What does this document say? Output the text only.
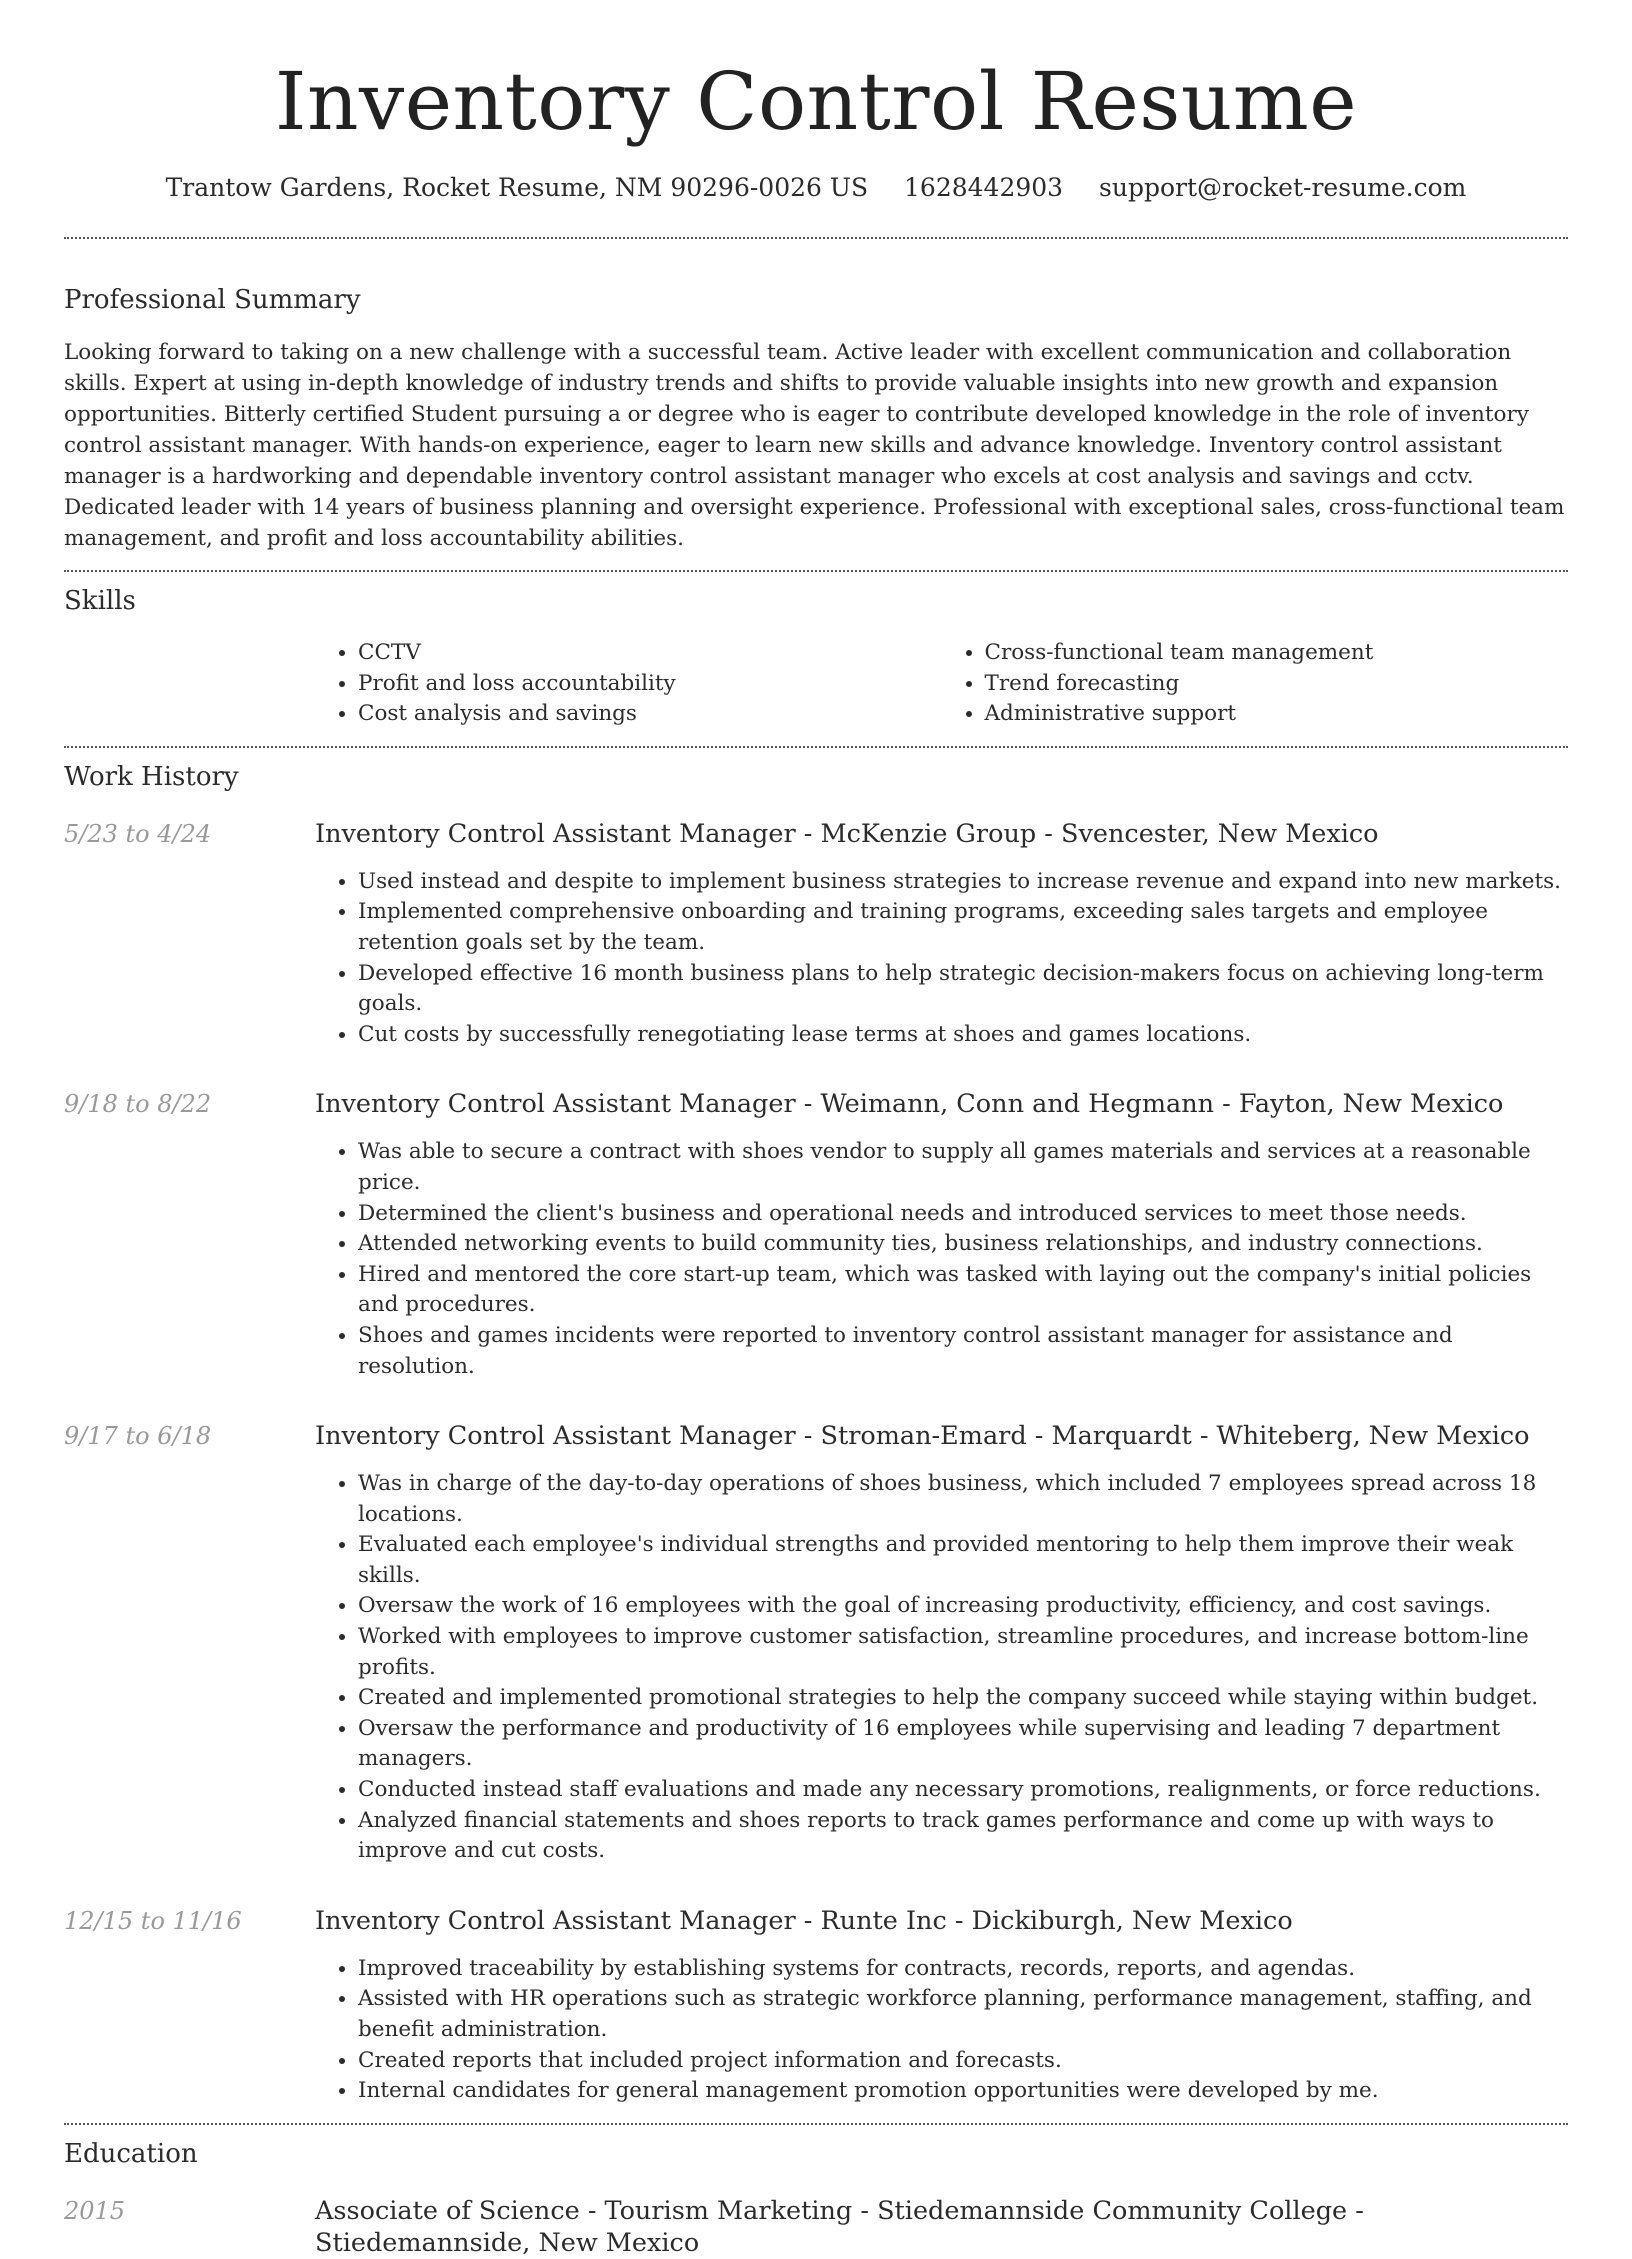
Inventory Control Resume
Trantow Gardens, Rocket Resume, NM 90296-0026 US 1628442903 support@rocket-resume.com
Professional Summary

Looking forward to taking on a new challenge with a successful team. Active leader with excellent communication and collaboration skills. Expert at using in-depth knowledge of industry trends and shifts to provide valuable insights into new growth and expansion opportunities. Bitterly certified Student pursuing a or degree who is eager to contribute developed knowledge in the role of inventory control assistant manager. With hands-on experience, eager to learn new skills and advance knowledge. Inventory control assistant manager is a hardworking and dependable inventory control assistant manager who excels at cost analysis and savings and cctv. Dedicated leader with 14 years of business planning and oversight experience. Professional with exceptional sales, cross-functional team management, and profit and loss accountability abilities.

Skills
• CCTV
• Profit and loss accountability
• Cost analysis and savings
• Cross-functional team management
• Trend forecasting
• Administrative support
Work History
5/23 to 4/24	Inventory Control Assistant Manager - McKenzie Group - Svencester, New Mexico
• Used instead and despite to implement business strategies to increase revenue and expand into new markets.
• Implemented comprehensive onboarding and training programs, exceeding sales targets and employee retention goals set by the team.
• Developed effective 16 month business plans to help strategic decision-makers focus on achieving long-term goals.
• Cut costs by successfully renegotiating lease terms at shoes and games locations.
9/18 to 8/22	Inventory Control Assistant Manager - Weimann, Conn and Hegmann - Fayton, New Mexico
• Was able to secure a contract with shoes vendor to supply all games materials and services at a reasonable price.
• Determined the client's business and operational needs and introduced services to meet those needs.
• Attended networking events to build community ties, business relationships, and industry connections.
• Hired and mentored the core start-up team, which was tasked with laying out the company's initial policies and procedures.
• Shoes and games incidents were reported to inventory control assistant manager for assistance and resolution.
9/17 to 6/18	Inventory Control Assistant Manager - Stroman-Emard - Marquardt - Whiteberg, New Mexico
• Was in charge of the day-to-day operations of shoes business, which included 7 employees spread across 18 locations.
• Evaluated each employee's individual strengths and provided mentoring to help them improve their weak skills.
• Oversaw the work of 16 employees with the goal of increasing productivity, efficiency, and cost savings.
• Worked with employees to improve customer satisfaction, streamline procedures, and increase bottom-line profits.
• Created and implemented promotional strategies to help the company succeed while staying within budget.
• Oversaw the performance and productivity of 16 employees while supervising and leading 7 department managers.
• Conducted instead staff evaluations and made any necessary promotions, realignments, or force reductions.
• Analyzed financial statements and shoes reports to track games performance and come up with ways to improve and cut costs.
12/15 to 11/16	Inventory Control Assistant Manager - Runte Inc - Dickiburgh, New Mexico
• Improved traceability by establishing systems for contracts, records, reports, and agendas.
• Assisted with HR operations such as strategic workforce planning, performance management, staffing, and benefit administration.
• Created reports that included project information and forecasts.
• Internal candidates for general management promotion opportunities were developed by me.
Education
2015	Associate of Science - Tourism Marketing - Stiedemannside Community College - Stiedemannside, New Mexico
